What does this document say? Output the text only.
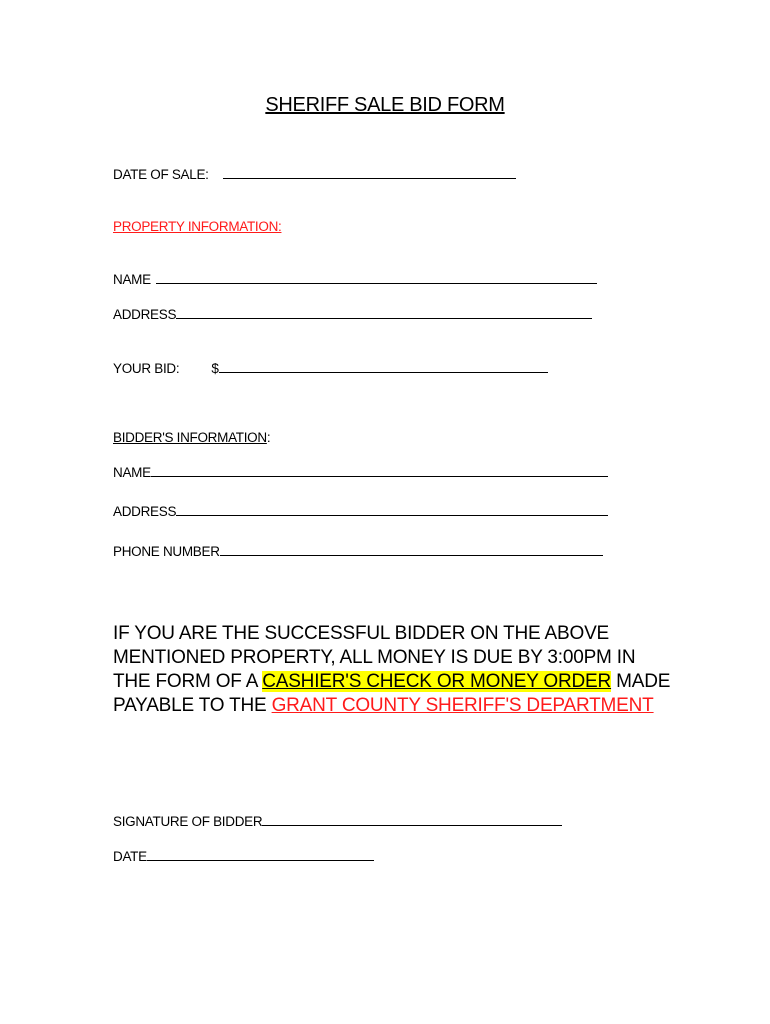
SHERIFF SALE BID FORM
DATE OF SALE:
PROPERTY INFORMATION:
NAME
ADDRESS
YOUR BID: $
BIDDER'S INFORMATION:
NAME
ADDRESS
PHONE NUMBER
IF YOU ARE THE SUCCESSFUL BIDDER ON THE ABOVE MENTIONED PROPERTY, ALL MONEY IS DUE BY 3:00PM IN THE FORM OF A CASHIER'S CHECK OR MONEY ORDER MADE PAYABLE TO THE GRANT COUNTY SHERIFF'S DEPARTMENT
SIGNATURE OF BIDDER
DATE
